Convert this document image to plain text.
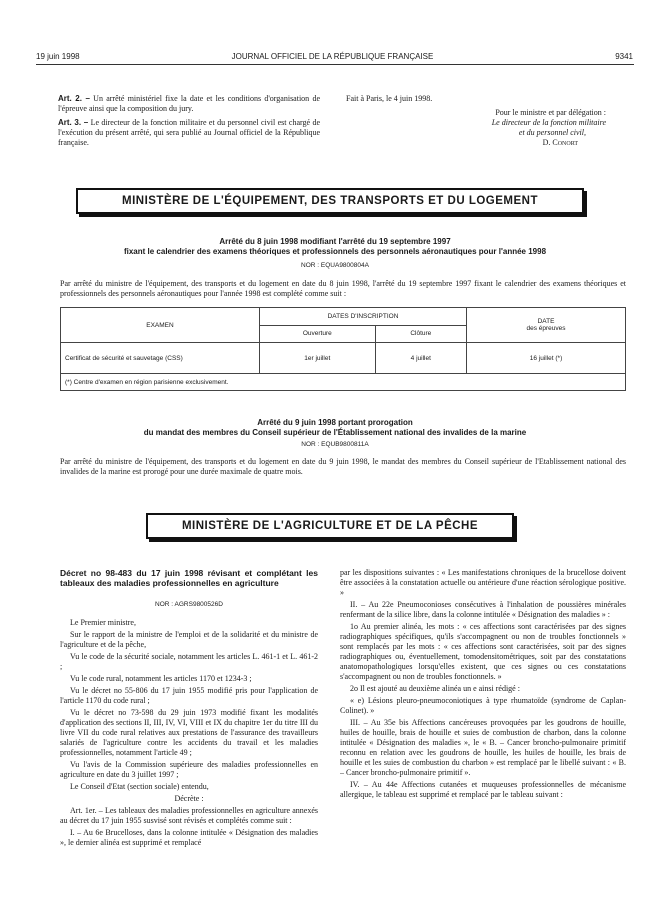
19 juin 1998	JOURNAL OFFICIEL DE LA RÉPUBLIQUE FRANÇAISE	9341
Art. 2. – Un arrêté ministériel fixe la date et les conditions d'organisation de l'épreuve ainsi que la composition du jury.
Art. 3. – Le directeur de la fonction militaire et du personnel civil est chargé de l'exécution du présent arrêté, qui sera publié au Journal officiel de la République française.
Fait à Paris, le 4 juin 1998.
Pour le ministre et par délégation :
Le directeur de la fonction militaire
et du personnel civil,
D. Conort
MINISTÈRE DE L'ÉQUIPEMENT, DES TRANSPORTS ET DU LOGEMENT
Arrêté du 8 juin 1998 modifiant l'arrêté du 19 septembre 1997
fixant le calendrier des examens théoriques et professionnels des personnels aéronautiques pour l'année 1998
NOR : EQUA9800804A
Par arrêté du ministre de l'équipement, des transports et du logement en date du 8 juin 1998, l'arrêté du 19 septembre 1997 fixant le calendrier des examens théoriques et professionnels des personnels aéronautiques pour l'année 1998 est complété comme suit :
EXAMEN	DATES D'INSCRIPTION		DATE
des épreuves

	Ouverture	Clôture	
Certificat de sécurité et sauvetage (CSS)	1er juillet	4 juillet	16 juillet (*)
(*) Centre d'examen en région parisienne exclusivement.			
Arrêté du 9 juin 1998 portant prorogation
du mandat des membres du Conseil supérieur de l'Établissement national des invalides de la marine
NOR : EQUB9800811A
Par arrêté du ministre de l'équipement, des transports et du logement en date du 9 juin 1998, le mandat des membres du Conseil supérieur de l'Etablissement national des invalides de la marine est prorogé pour une durée maximale de quatre mois.
MINISTÈRE DE L'AGRICULTURE ET DE LA PÊCHE
Décret no 98-483 du 17 juin 1998 révisant et complétant les tableaux des maladies professionnelles en agriculture
NOR : AGRS9800526D

Le Premier ministre,

Sur le rapport de la ministre de l'emploi et de la solidarité et du ministre de l'agriculture et de la pêche,

Vu le code de la sécurité sociale, notamment les articles L. 461-1 et L. 461-2 ;

Vu le code rural, notamment les articles 1170 et 1234-3 ;

Vu le décret no 55-806 du 17 juin 1955 modifié pris pour l'application de l'article 1170 du code rural ;

Vu le décret no 73-598 du 29 juin 1973 modifié fixant les modalités d'application des sections II, III, IV, VI, VIII et IX du chapitre 1er du titre III du livre VII du code rural relatives aux prestations de l'assurance des travailleurs salariés de l'agriculture contre les accidents du travail et les maladies professionnelles, notamment l'article 49 ;

Vu l'avis de la Commission supérieure des maladies professionnelles en agriculture en date du 3 juillet 1997 ;

Le Conseil d'Etat (section sociale) entendu,

Décrète :

Art. 1er. – Les tableaux des maladies professionnelles en agriculture annexés au décret du 17 juin 1955 susvisé sont révisés et complétés comme suit :

I. – Au 6e Brucelloses, dans la colonne intitulée « Désignation des maladies », le dernier alinéa est supprimé et remplacé

par les dispositions suivantes : « Les manifestations chroniques de la brucellose doivent être associées à la constatation actuelle ou antérieure d'une réaction sérologique positive. »

II. – Au 22e Pneumoconioses consécutives à l'inhalation de poussières minérales renfermant de la silice libre, dans la colonne intitulée « Désignation des maladies » :

1o Au premier alinéa, les mots : « ces affections sont caractérisées par des signes radiographiques spécifiques, qu'ils s'accompagnent ou non de troubles fonctionnels » sont remplacés par les mots : « ces affections sont caractérisées, soit par des signes radiographiques ou, éventuellement, tomodensitométriques, soit par des constatations anatomopathologiques lorsqu'elles existent, que ces signes ou ces constatations s'accompagnent ou non de troubles fonctionnels. »

2o Il est ajouté au deuxième alinéa un e ainsi rédigé :

« e) Lésions pleuro-pneumoconiotiques à type rhumatoïde (syndrome de Caplan-Colinet). »

III. – Au 35e bis Affections cancéreuses provoquées par les goudrons de houille, huiles de houille, brais de houille et suies de combustion de charbon, dans la colonne intitulée « Désignation des maladies », le « B. – Cancer broncho-pulmonaire primitif reconnu en relation avec les goudrons de houille, les huiles de houille, les brais de houille et les suies de combustion du charbon » est remplacé par le libellé suivant : « B. – Cancer broncho-pulmonaire primitif ».

IV. – Au 44e Affections cutanées et muqueuses professionnelles de mécanisme allergique, le tableau est supprimé et remplacé par le tableau suivant :
